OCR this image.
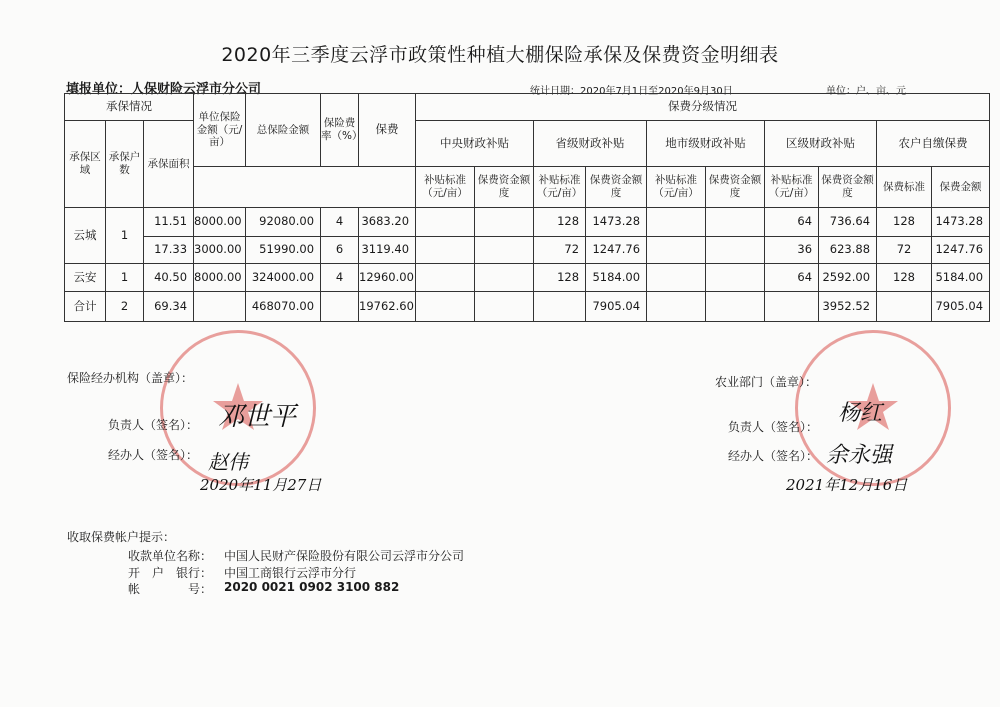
2020年三季度云浮市政策性种植大棚保险承保及保费资金明细表
填报单位：人保财险云浮市分公司	统计日期：2020年7月1日至2020年9月30日	单位：户、亩、元
承保情况			单位保险金额（元/亩）	总保险金额	保险费率（%）	保费	保费分级情况									
承保区域	承保户数	承保面积					中央财政补贴		省级财政补贴		地市级财政补贴		区级财政补贴		农户自缴保费	
							补贴标准（元/亩）	保费资金额度	补贴标准（元/亩）	保费资金额度	补贴标准（元/亩）	保费资金额度	补贴标准（元/亩）	保费资金额度	保费标准	保费金额
云城	1	11.51	8000.00	92080.00	4	3683.20			128	1473.28			64	736.64	128	1473.28
		17.33	3000.00	51990.00	6	3119.40			72	1247.76			36	623.88	72	1247.76
云安	1	40.50	8000.00	324000.00	4	12960.00			128	5184.00			64	2592.00	128	5184.00
合计	2	69.34		468070.00		19762.60				7905.04				3952.52		7905.04
保险经办机构（盖章）：
负责人（签名）：
经办人（签名）：
邓世平
赵伟
2020年11月27日
农业部门（盖章）：
负责人（签名）：
经办人（签名）：
杨红
余永强
2021年12月16日
收取保费帐户提示：
收款单位名称： 中国人民财产保险股份有限公司云浮市分公司
开　户　银行： 中国工商银行云浮市分行
帐　　　　号： 2020 0021 0902 3100 882
